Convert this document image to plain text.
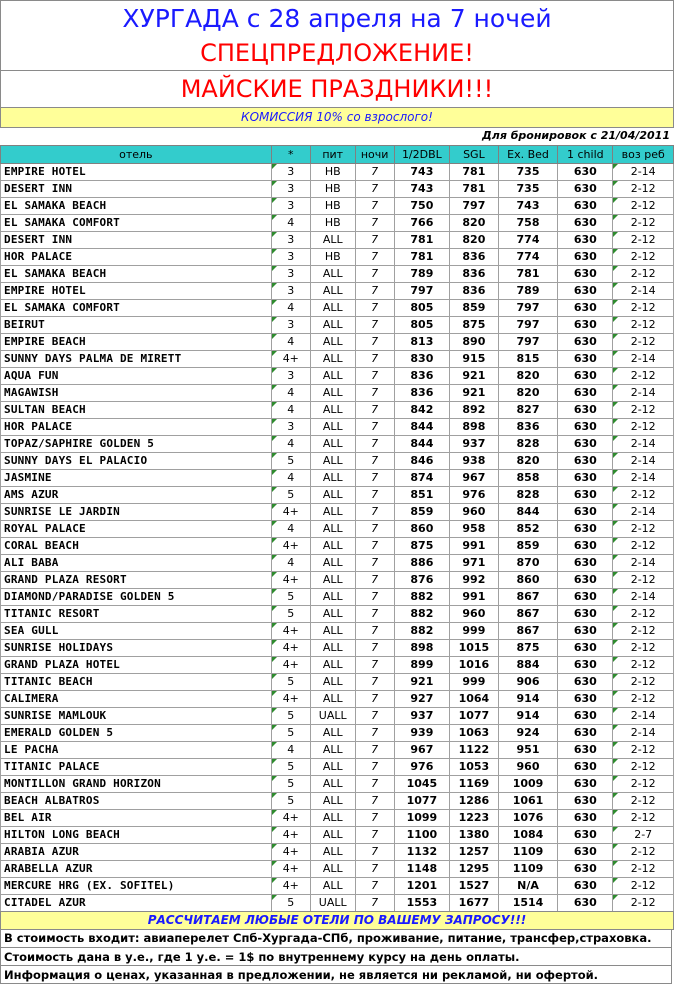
ХУРГАДА с 28 апреля на 7 ночей
СПЕЦПРЕДЛОЖЕНИЕ!
МАЙСКИЕ ПРАЗДНИКИ!!!
КОМИССИЯ 10% со взрослого!
Для бронировок с 21/04/2011
отель	*	пит	ночи	1/2DBL	SGL	Ex. Bed	1 child	воз реб
EMPIRE HOTEL	3	HB	7	743	781	735	630	2-14

DESERT INN	3	HB	7	743	781	735	630	2-12

EL SAMAKA BEACH	3	HB	7	750	797	743	630	2-12

EL SAMAKA COMFORT	4	HB	7	766	820	758	630	2-12

DESERT INN	3	ALL	7	781	820	774	630	2-12

HOR PALACE	3	HB	7	781	836	774	630	2-12

EL SAMAKA BEACH	3	ALL	7	789	836	781	630	2-12

EMPIRE HOTEL	3	ALL	7	797	836	789	630	2-14

EL SAMAKA COMFORT	4	ALL	7	805	859	797	630	2-12

BEIRUT	3	ALL	7	805	875	797	630	2-12

EMPIRE BEACH	4	ALL	7	813	890	797	630	2-12

SUNNY DAYS PALMA DE MIRETT	4+	ALL	7	830	915	815	630	2-14

AQUA FUN	3	ALL	7	836	921	820	630	2-12

MAGAWISH	4	ALL	7	836	921	820	630	2-14

SULTAN BEACH	4	ALL	7	842	892	827	630	2-12

HOR PALACE	3	ALL	7	844	898	836	630	2-12

TOPAZ/SAPHIRE GOLDEN 5	4	ALL	7	844	937	828	630	2-14

SUNNY DAYS EL PALACIO	5	ALL	7	846	938	820	630	2-14

JASMINE	4	ALL	7	874	967	858	630	2-14

AMS AZUR	5	ALL	7	851	976	828	630	2-12

SUNRISE LE JARDIN	4+	ALL	7	859	960	844	630	2-14

ROYAL PALACE	4	ALL	7	860	958	852	630	2-12

CORAL BEACH	4+	ALL	7	875	991	859	630	2-12

ALI BABA	4	ALL	7	886	971	870	630	2-14

GRAND PLAZA RESORT	4+	ALL	7	876	992	860	630	2-12

DIAMOND/PARADISE GOLDEN 5	5	ALL	7	882	991	867	630	2-14

TITANIC RESORT	5	ALL	7	882	960	867	630	2-12

SEA GULL	4+	ALL	7	882	999	867	630	2-12

SUNRISE HOLIDAYS	4+	ALL	7	898	1015	875	630	2-12

GRAND PLAZA HOTEL	4+	ALL	7	899	1016	884	630	2-12

TITANIC BEACH	5	ALL	7	921	999	906	630	2-12

CALIMERA	4+	ALL	7	927	1064	914	630	2-12

SUNRISE MAMLOUK	5	UALL	7	937	1077	914	630	2-14

EMERALD GOLDEN 5	5	ALL	7	939	1063	924	630	2-14

LE PACHA	4	ALL	7	967	1122	951	630	2-12

TITANIC PALACE	5	ALL	7	976	1053	960	630	2-12

MONTILLON GRAND HORIZON	5	ALL	7	1045	1169	1009	630	2-12

BEACH ALBATROS	5	ALL	7	1077	1286	1061	630	2-12

BEL AIR	4+	ALL	7	1099	1223	1076	630	2-12

HILTON LONG BEACH	4+	ALL	7	1100	1380	1084	630	2-7

ARABIA AZUR	4+	ALL	7	1132	1257	1109	630	2-12

ARABELLA AZUR	4+	ALL	7	1148	1295	1109	630	2-12

MERCURE HRG (EX. SOFITEL)	4+	ALL	7	1201	1527	N/A	630	2-12

CITADEL AZUR	5	UALL	7	1553	1677	1514	630	2-12
РАССЧИТАЕМ ЛЮБЫЕ ОТЕЛИ ПО ВАШЕМУ ЗАПРОСУ!!!
В стоимость входит: авиаперелет Спб-Хургада-СПб, проживание, питание, трансфер,страховка.
Стоимость дана в у.е., где 1 у.е. = 1$ по внутреннему курсу на день оплаты.
Информация о ценах, указанная в предложении, не является ни рекламой, ни офертой.
